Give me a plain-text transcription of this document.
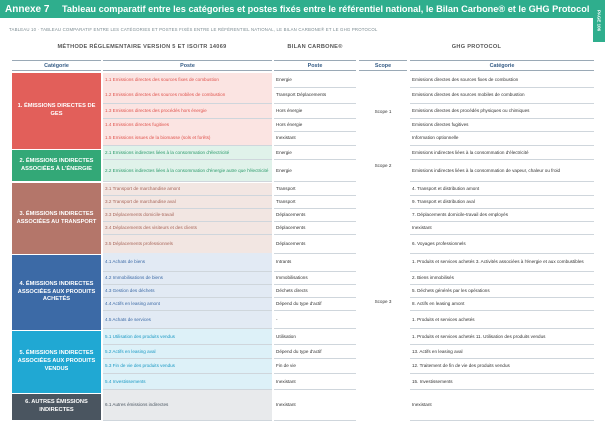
Annexe 7	Tableau comparatif entre les catégories et postes fixés entre le référentiel national, le Bilan Carbone® et le GHG Protocol
PAGE 106
TABLEAU 10 · TABLEAU COMPARATIF ENTRE LES CATÉGORIES ET POSTES FIXÉS ENTRE LE RÉFÉRENTIEL NATIONAL, LE BILAN CARBONE® ET LE GHG PROTOCOL
MÉTHODE RÉGLEMENTAIRE VERSION 5 ET ISO/TR 14069	BILAN CARBONE®	GHG PROTOCOL
Catégorie	Poste	Poste	Scope	Catégorie
1. ÉMISSIONS DIRECTES DE GES
2. ÉMISSIONS INDIRECTES ASSOCIÉES À L'ÉNERGIE
3. ÉMISSIONS INDIRECTES ASSOCIÉES AU TRANSPORT
4. ÉMISSIONS INDIRECTES ASSOCIÉES AUX PRODUITS ACHETÉS
5. ÉMISSIONS INDIRECTES ASSOCIÉES AUX PRODUITS VENDUS
6. AUTRES ÉMISSIONS INDIRECTES
Scope 1
Scope 2
Scope 3
1.1 Emissions directes des sources fixes de combustion	Energie	Emissions directes des sources fixes de combustion
1.2 Emissions directes des sources mobiles de combustion	Transport Déplacements	Emissions directes des sources mobiles de combustion
1.3 Emissions directes des procédés hors énergie	Hors énergie	Emissions directes des procédés physiques ou chimiques
1.4 Emissions directes fugitives	Hors énergie	Emissions directes fugitives
1.5 Emissions issues de la biomasse (sols et forêts)	Inexistant	Information optionnelle
2.1 Emissions indirectes liées à la consommation d'électricité	Energie	Emissions indirectes liées à la consommation d'électricité
2.2 Emissions indirectes liées à la consommation d'énergie autre que l'électricité	Energie	Emissions indirectes liées à la consommation de vapeur, chaleur ou froid
3.1 Transport de marchandise amont	Transport	4. Transport et distribution amont
3.2 Transport de marchandise aval	Transport	9. Transport et distribution aval
3.3 Déplacements domicile-travail	Déplacements	7. Déplacements domicile-travail des employés
3.4 Déplacements des visiteurs et des clients	Déplacements	Inexistant
3.5 Déplacements professionnels	Déplacements	6. Voyages professionnels
4.1 Achats de biens	Intrants	1. Produits et services achetés 3. Activités associées à l'énergie et aux combustibles
4.2 Immobilisations de biens	Immobilisations	2. Biens immobilisés
4.3 Gestion des déchets	Déchets directs	5. Déchets générés par les opérations
4.4 Actifs en leasing amont	Dépend du type d'actif	8. Actifs en leasing amont
4.5 Achats de services	-	1. Produits et services achetés
5.1 Utilisation des produits vendus	Utilisation	1. Produits et services achetés 11. Utilisation des produits vendus
5.2 Actifs en leasing aval	Dépend du type d'actif	13. Actifs en leasing aval
5.3 Fin de vie des produits vendus	Fin de vie	12. Traitement de fin de vie des produits vendus
5.4 Investissements	Inexistant	15. Investissements
6.1 Autres émissions indirectes	Inexistant	Inexistant
